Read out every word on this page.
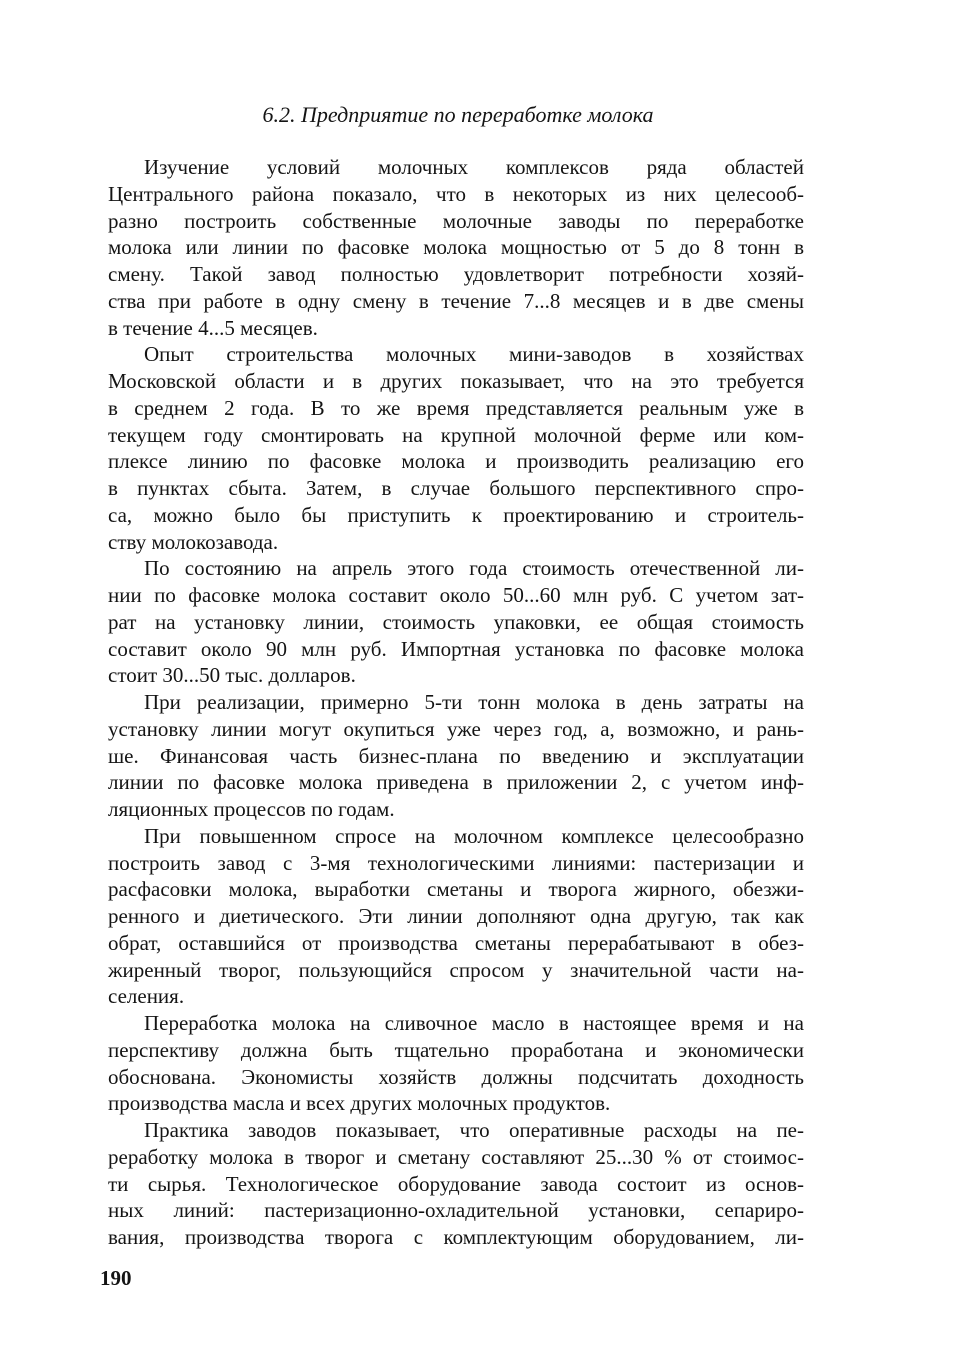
6.2. Предприятие по переработке молока
Изучение условий молочных комплексов ряда областей
Центрального района показало, что в некоторых из них целесооб-
разно построить собственные молочные заводы по переработке
молока или линии по фасовке молока мощностью от 5 до 8 тонн в
смену. Такой завод полностью удовлетворит потребности хозяй-
ства при работе в одну смену в течение 7...8 месяцев и в две смены
в течение 4...5 месяцев.
Опыт строительства молочных мини-заводов в хозяйствах
Московской области и в других показывает, что на это требуется
в среднем 2 года. В то же время представляется реальным уже в
текущем году смонтировать на крупной молочной ферме или ком-
плексе линию по фасовке молока и производить реализацию его
в пунктах сбыта. Затем, в случае большого перспективного спро-
са, можно было бы приступить к проектированию и строитель-
ству молокозавода.
По состоянию на апрель этого года стоимость отечественной ли-
нии по фасовке молока составит около 50...60 млн руб. С учетом зат-
рат на установку линии, стоимость упаковки, ее общая стоимость
составит около 90 млн руб. Импортная установка по фасовке молока
стоит 30...50 тыс. долларов.
При реализации, примерно 5-ти тонн молока в день затраты на
установку линии могут окупиться уже через год, а, возможно, и рань-
ше. Финансовая часть бизнес-плана по введению и эксплуатации
линии по фасовке молока приведена в приложении 2, с учетом инф-
ляционных процессов по годам.
При повышенном спросе на молочном комплексе целесообразно
построить завод с 3-мя технологическими линиями: пастеризации и
расфасовки молока, выработки сметаны и творога жирного, обезжи-
ренного и диетического. Эти линии дополняют одна другую, так как
обрат, оставшийся от производства сметаны перерабатывают в обез-
жиренный творог, пользующийся спросом у значительной части на-
селения.
Переработка молока на сливочное масло в настоящее время и на
перспективу должна быть тщательно проработана и экономически
обоснована. Экономисты хозяйств должны подсчитать доходность
производства масла и всех других молочных продуктов.
Практика заводов показывает, что оперативные расходы на пе-
реработку молока в творог и сметану составляют 25...30 % от стоимос-
ти сырья. Технологическое оборудование завода состоит из основ-
ных линий: пастеризационно-охладительной установки, сепариро-
вания, производства творога с комплектующим оборудованием, ли-
190
